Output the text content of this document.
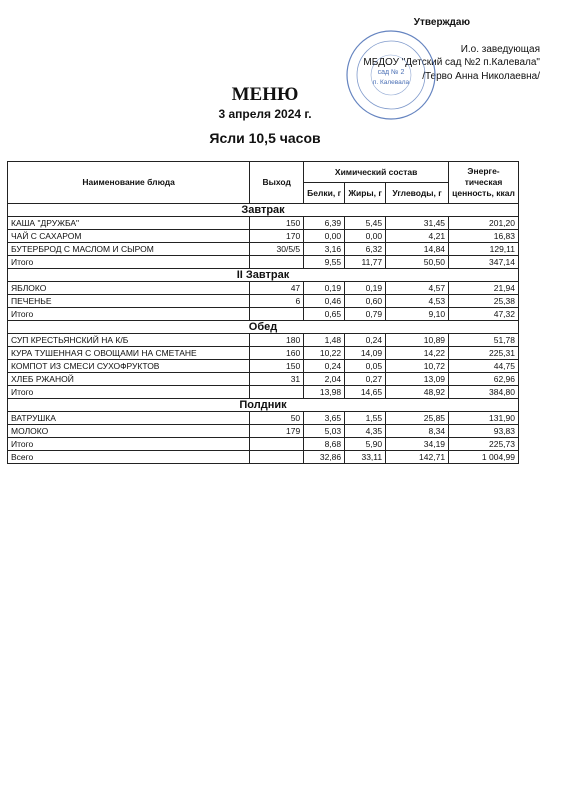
Утверждаю
И.о. заведующая
МБДОУ "Детский сад №2 п.Калевала"
/Терво Анна Николаевна/
сад № 2
п. Калевала
МЕНЮ
3 апреля 2024 г.
Ясли 10,5 часов
Наименование блюда	Выход	Химический состав			Энерге-тическая ценность, ккал
		Белки, г	Жиры, г	Углеводы, г	
Завтрак					
КАША "ДРУЖБА"	150	6,39	5,45	31,45	201,20
ЧАЙ С САХАРОМ	170	0,00	0,00	4,21	16,83
БУТЕРБРОД С МАСЛОМ И СЫРОМ	30/5/5	3,16	6,32	14,84	129,11
Итого		9,55	11,77	50,50	347,14
II Завтрак					
ЯБЛОКО	47	0,19	0,19	4,57	21,94
ПЕЧЕНЬЕ	6	0,46	0,60	4,53	25,38
Итого		0,65	0,79	9,10	47,32
Обед					
СУП КРЕСТЬЯНСКИЙ НА К/Б	180	1,48	0,24	10,89	51,78
КУРА ТУШЕННАЯ С ОВОЩАМИ НА СМЕТАНЕ	160	10,22	14,09	14,22	225,31
КОМПОТ ИЗ СМЕСИ СУХОФРУКТОВ	150	0,24	0,05	10,72	44,75
ХЛЕБ РЖАНОЙ	31	2,04	0,27	13,09	62,96
Итого		13,98	14,65	48,92	384,80
Полдник					
ВАТРУШКА	50	3,65	1,55	25,85	131,90
МОЛОКО	179	5,03	4,35	8,34	93,83
Итого		8,68	5,90	34,19	225,73
Всего		32,86	33,11	142,71	1 004,99
